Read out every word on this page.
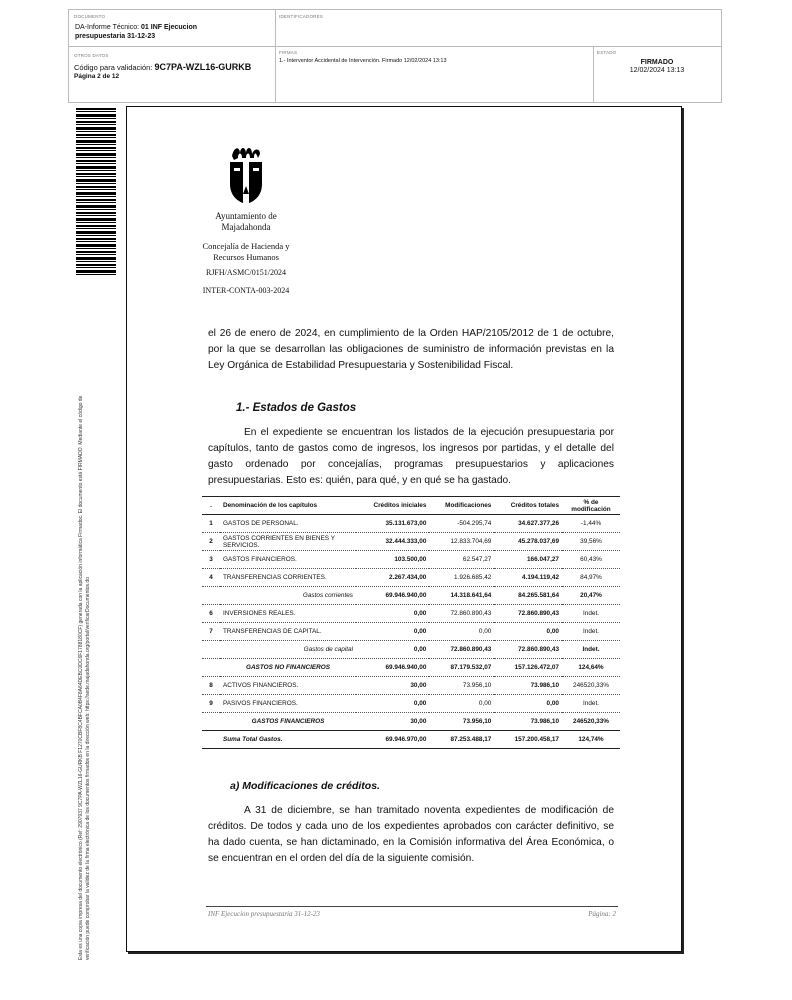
DOCUMENTO
DA-Informe Técnico: 01 INF Ejecucion
presupuestaria 31-12-23
IDENTIFICADORES
OTROS DATOS
Código para validación: 9C7PA-WZL16-GURKB
Página 2 de 12
FIRMAS
1.- Interventor Accidental de Intervención. Firmado 12/02/2024 13:13
ESTADO
FIRMADO
12/02/2024 13:13
Esta es una copia impresa del documento electrónico (Ref: 2907937 9C7PA-WZL16-GURKB F1270CBF8C4BFCA0B4F8A64DEBC0DC6F1788180CF) generada con la aplicación informática Firmadoc. El documento está FIRMADO. Mediante el código de verificación puede comprobar la validez de la firma electrónica de los documentos firmados en la dirección web: https://sede.majadahonda.org/portal/verificarDocumentos.do
Ayuntamiento de
Majadahonda
Concejalía de Hacienda y
Recursos Humanos
RJFH/ASMC/0151/2024
INTER-CONTA-003-2024
el 26 de enero de 2024, en cumplimiento de la Orden HAP/2105/2012 de 1 de octubre, por la que se desarrollan las obligaciones de suministro de información previstas en la Ley Orgánica de Estabilidad Presupuestaria y Sostenibilidad Fiscal.
1.- Estados de Gastos
En el expediente se encuentran los listados de la ejecución presupuestaria por capítulos, tanto de gastos como de ingresos, los ingresos por partidas, y el detalle del gasto ordenado por concejalías, programas presupuestarios y aplicaciones presupuestarias. Esto es: quién, para qué, y en qué se ha gastado.
.	Denominación de los capítulos	Créditos iniciales	Modificaciones	Créditos totales	% de modificación
1	GASTOS DE PERSONAL.	35.131.673,00	-504.295,74	34.627.377,26	-1,44%
2	GASTOS CORRIENTES EN BIENES Y SERVICIOS.	32.444.333,00	12.833.704,69	45.278.037,69	39,56%
3	GASTOS FINANCIEROS.	103.500,00	62.547,27	166.047,27	60,43%
4	TRANSFERENCIAS CORRIENTES.	2.267.434,00	1.926.685,42	4.194.119,42	84,97%
	Gastos corrientes	69.946.940,00	14.318.641,64	84.265.581,64	20,47%
6	INVERSIONES REALES.	0,00	72.860.890,43	72.860.890,43	Indet.
7	TRANSFERENCIAS DE CAPITAL.	0,00	0,00	0,00	Indet.
	Gastos de capital	0,00	72.860.890,43	72.860.890,43	Indet.
	GASTOS NO FINANCIEROS	69.946.940,00	87.179.532,07	157.126.472,07	124,64%
8	ACTIVOS FINANCIEROS.	30,00	73.956,10	73.986,10	246520,33%
9	PASIVOS FINANCIEROS.	0,00	0,00	0,00	Indet.
	GASTOS FINANCIEROS	30,00	73.956,10	73.986,10	246520,33%
	Suma Total Gastos.	69.946.970,00	87.253.488,17	157.200.458,17	124,74%
a) Modificaciones de créditos.
A 31 de diciembre, se han tramitado noventa expedientes de modificación de créditos. De todos y cada uno de los expedientes aprobados con carácter definitivo, se ha dado cuenta, se han dictaminado, en la Comisión informativa del Área Económica, o se encuentran en el orden del día de la siguiente comisión.
INF Ejecucion presupuestaria 31-12-23	Página: 2
